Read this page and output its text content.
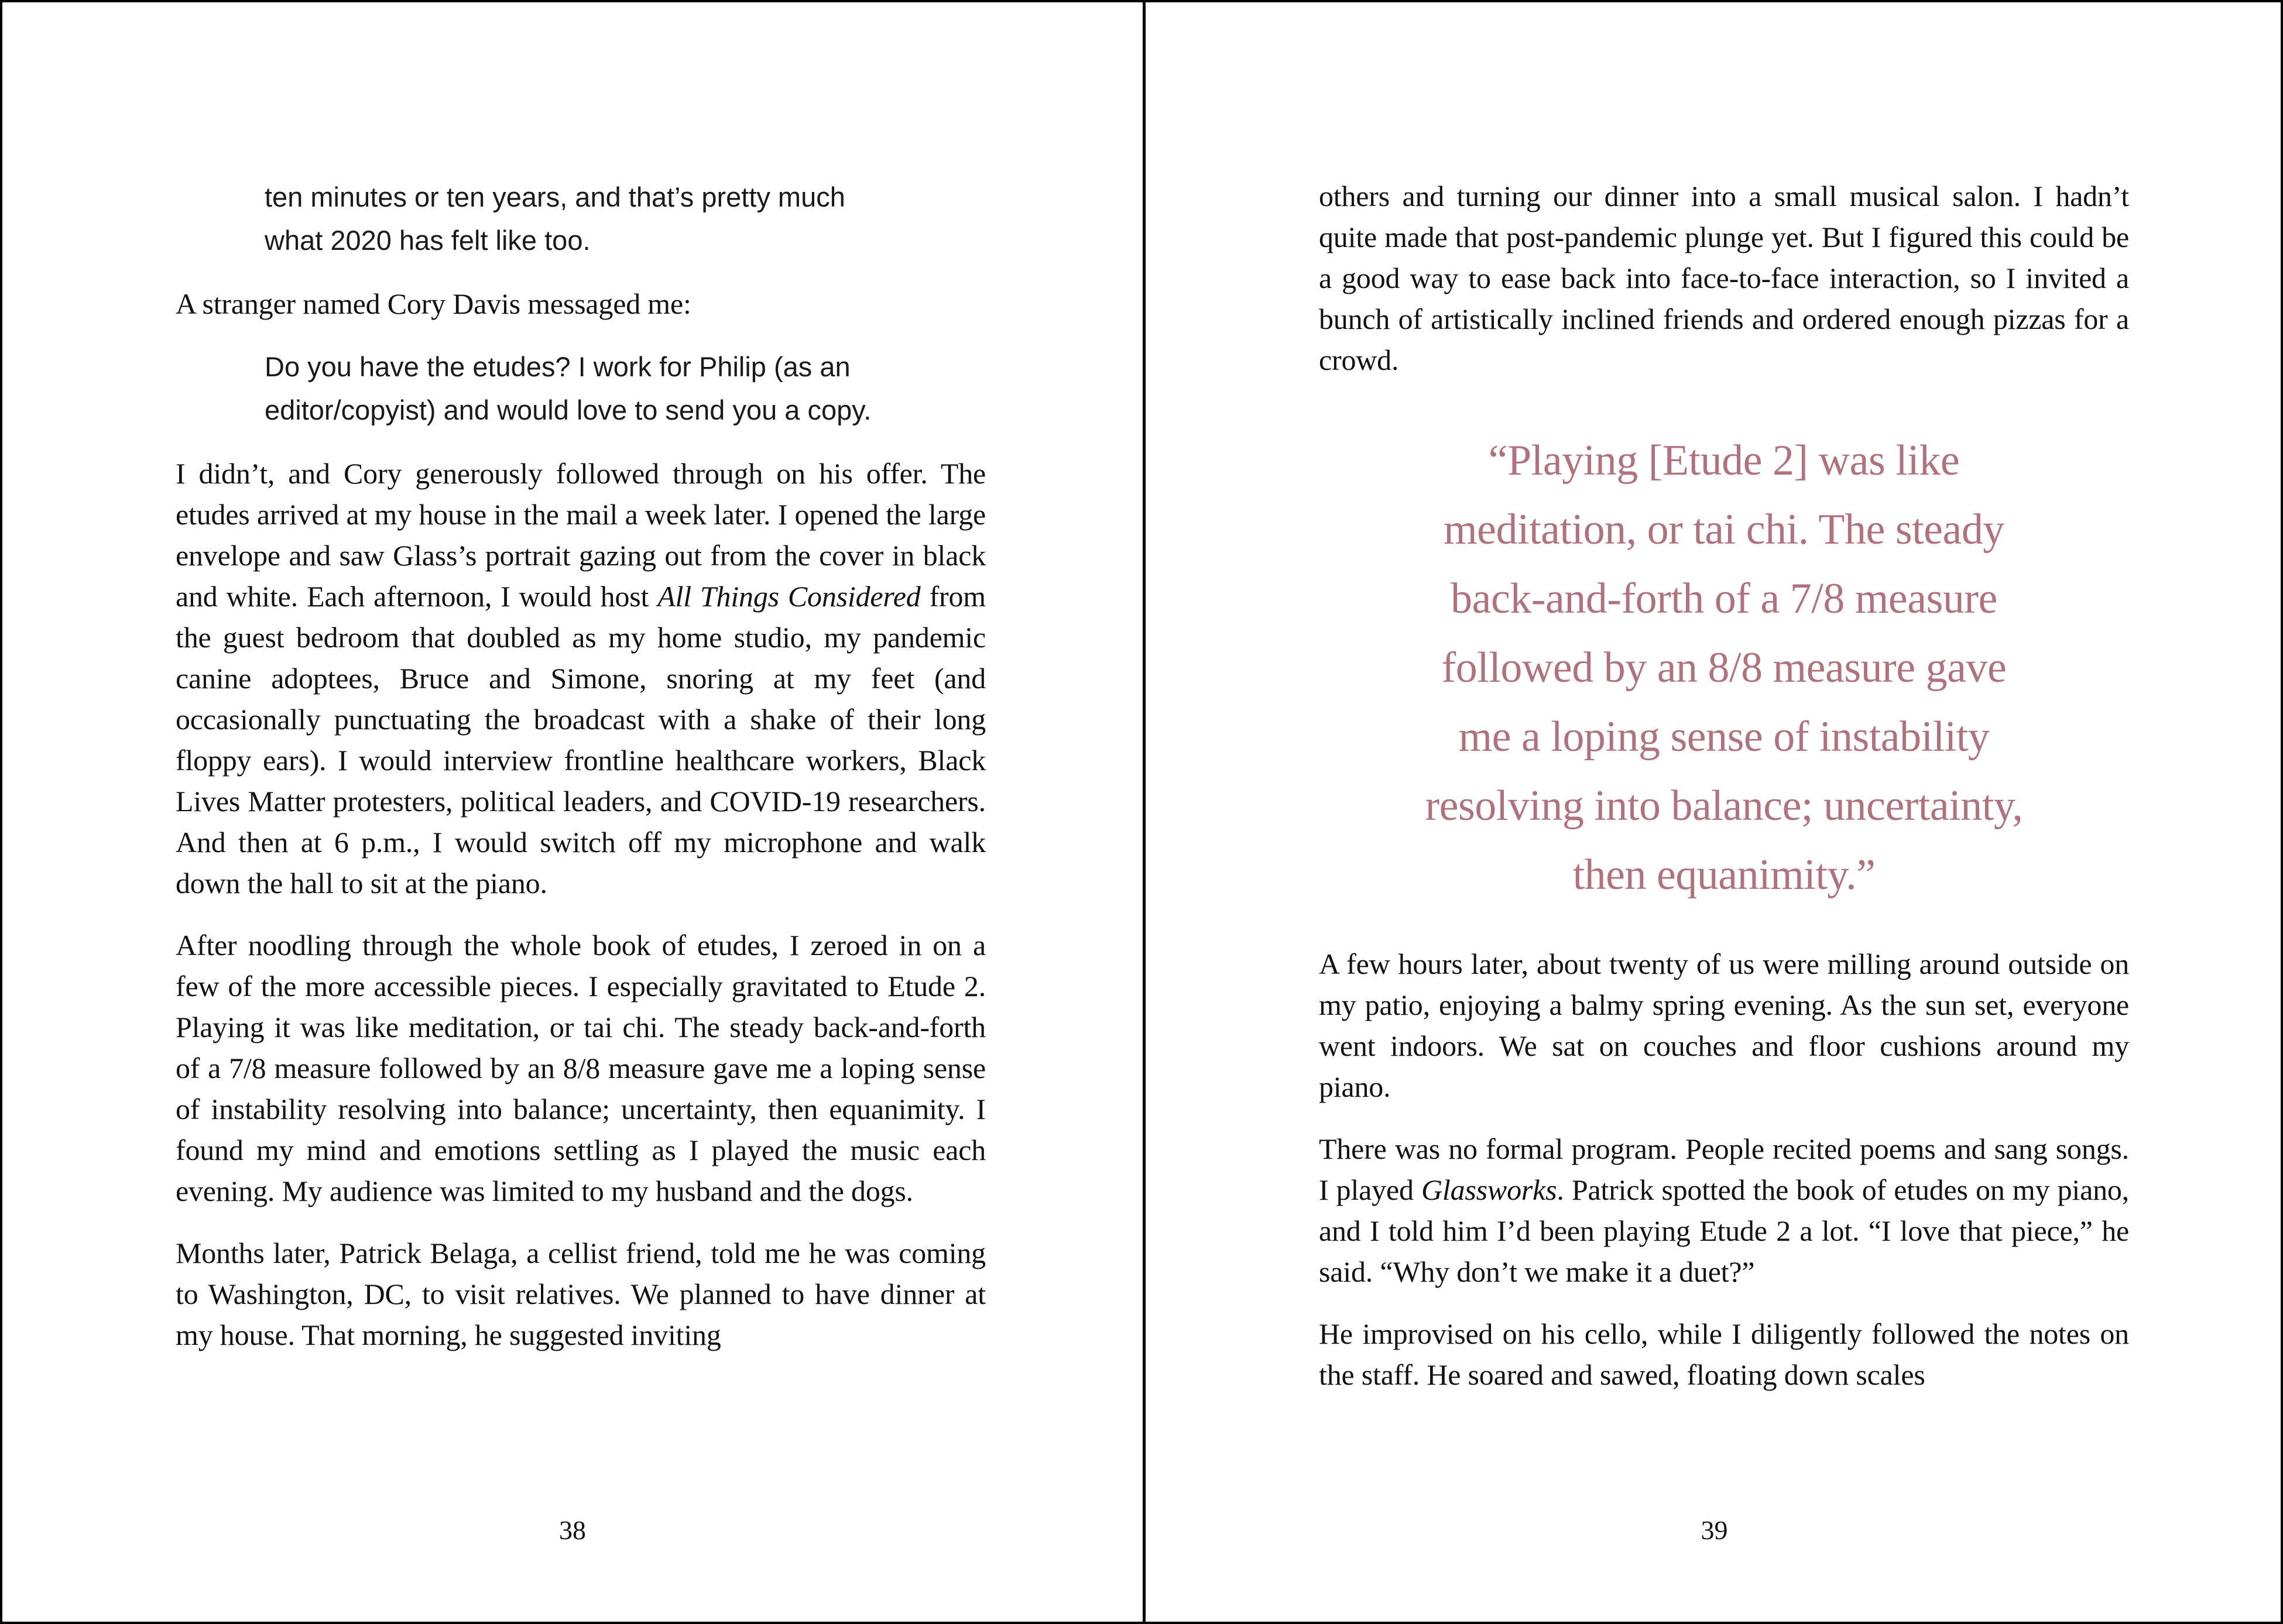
ten minutes or ten years, and that’s pretty much
what 2020 has felt like too.

A stranger named Cory Davis messaged me:

Do you have the etudes? I work for Philip (as an
editor/copyist) and would love to send you a copy.

I didn’t, and Cory generously followed through on his offer. The etudes arrived at my house in the mail a week later. I opened the large envelope and saw Glass’s portrait gazing out from the cover in black and white. Each afternoon, I would host All Things Considered from the guest bedroom that doubled as my home studio, my pandemic canine adoptees, Bruce and Simone, snoring at my feet (and occasionally punctuating the broadcast with a shake of their long floppy ears). I would interview frontline healthcare workers, Black Lives Matter protesters, political leaders, and COVID-19 researchers. And then at 6 p.m., I would switch off my microphone and walk down the hall to sit at the piano.

After noodling through the whole book of etudes, I zeroed in on a few of the more accessible pieces. I especially gravitated to Etude 2. Playing it was like meditation, or tai chi. The steady back-and-forth of a 7/8 measure followed by an 8/8 measure gave me a loping sense of instability resolving into balance; uncertainty, then equanimity. I found my mind and emotions settling as I played the music each evening. My audience was limited to my husband and the dogs.

Months later, Patrick Belaga, a cellist friend, told me he was coming to Washington, DC, to visit relatives. We planned to have dinner at my house. That morning, he suggested inviting

38

others and turning our dinner into a small musical salon. I hadn’t quite made that post-pandemic plunge yet. But I figured this could be a good way to ease back into face-to-face interaction, so I invited a bunch of artistically inclined friends and ordered enough pizzas for a crowd.

“Playing [Etude 2] was like
meditation, or tai chi. The steady
back-and-forth of a 7/8 measure
followed by an 8/8 measure gave
me a loping sense of instability
resolving into balance; uncertainty,
then equanimity.”

A few hours later, about twenty of us were milling around outside on my patio, enjoying a balmy spring evening. As the sun set, everyone went indoors. We sat on couches and floor cushions around my piano.

There was no formal program. People recited poems and sang songs. I played Glassworks. Patrick spotted the book of etudes on my piano, and I told him I’d been playing Etude 2 a lot. “I love that piece,” he said. “Why don’t we make it a duet?”

He improvised on his cello, while I diligently followed the notes on the staff. He soared and sawed, floating down scales

39
